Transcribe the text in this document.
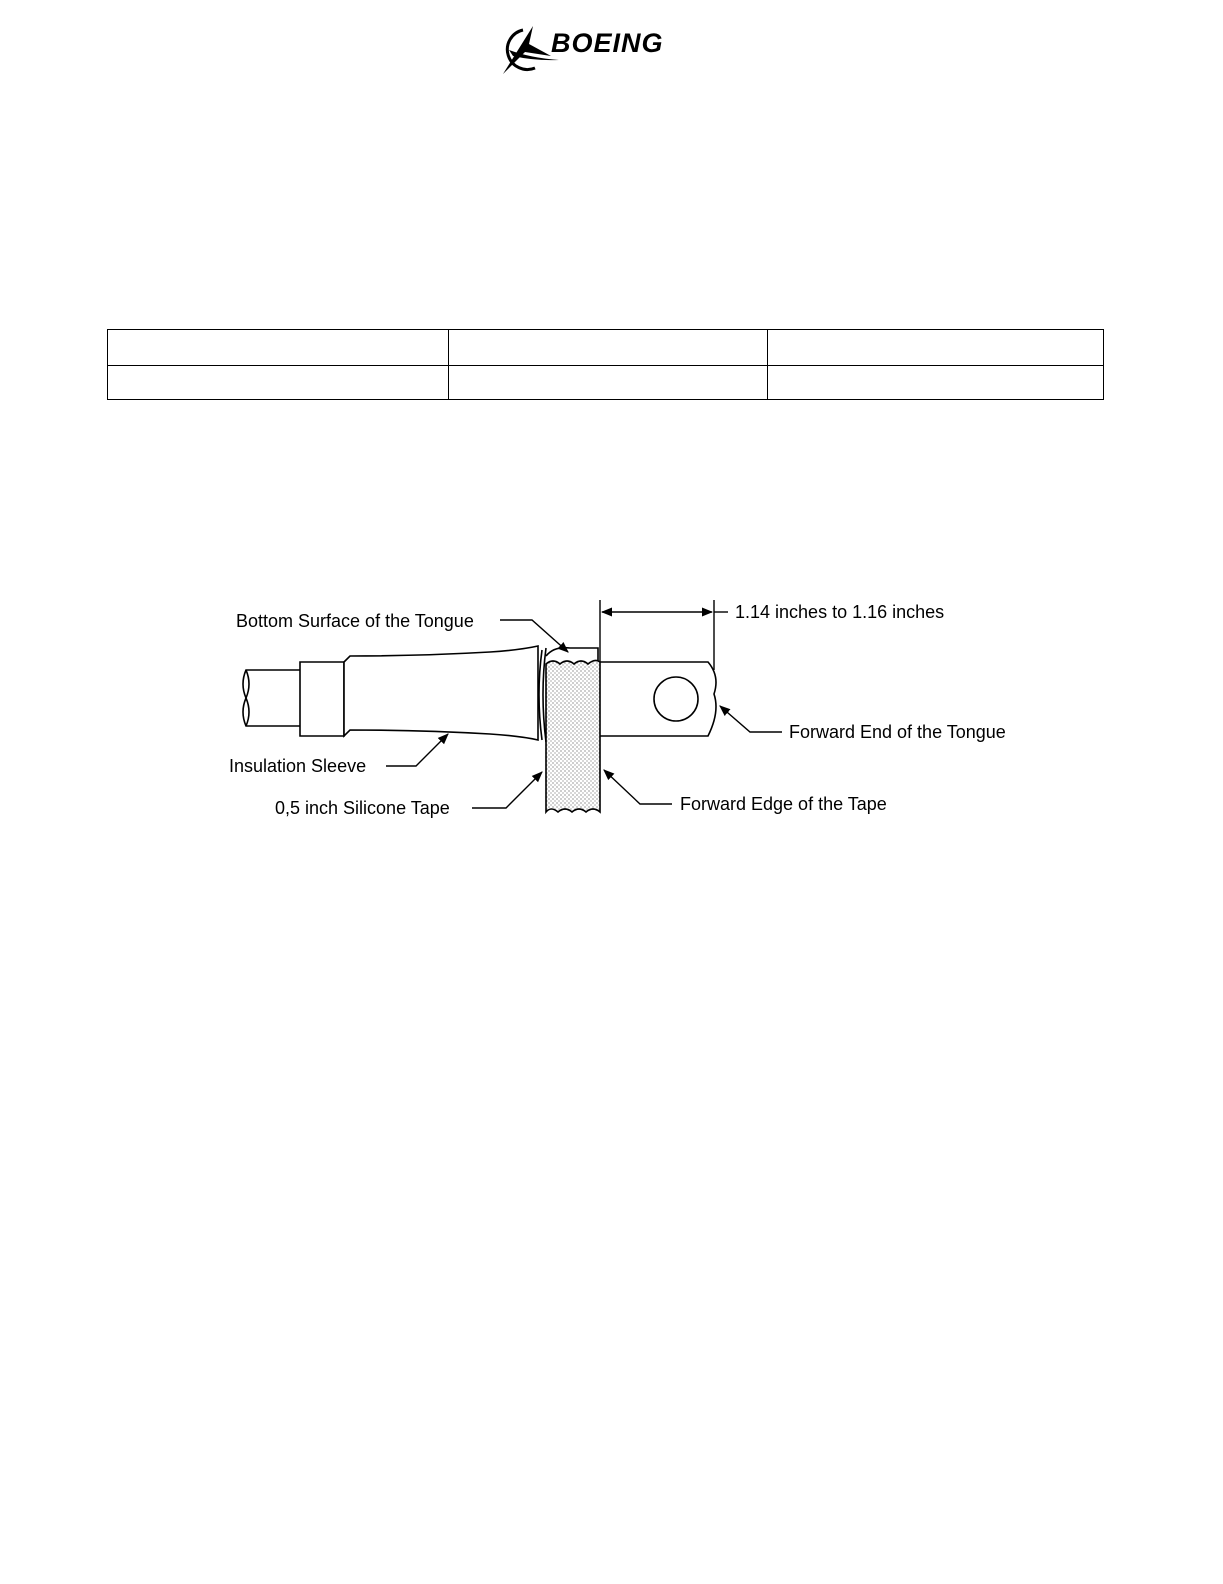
BOEING

Bottom Surface of the Tongue	1.14 inches to 1.16 inches
Forward End of the Tongue
Insulation Sleeve
Forward Edge of the Tape
0,5 inch Silicone Tape
